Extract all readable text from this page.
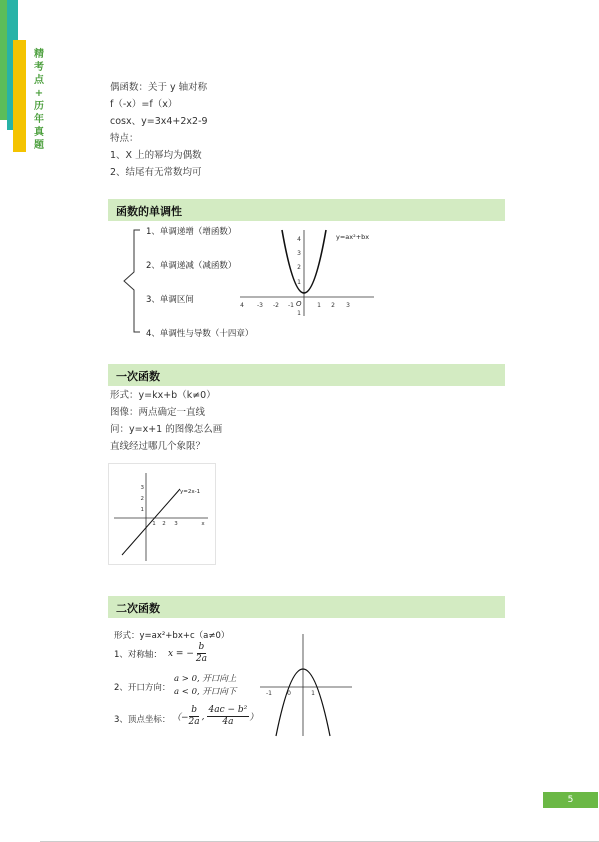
精
考
点
+
历
年
真
题
偶函数：关于 y 轴对称
f（-x）=f（x）
cosx、y=3x4+2x2-9
特点：
1、X 上的幂均为偶数
2、结尾有无常数均可
函数的单调性
y=ax²+bx
4 -3 -2 -1	1 2 3
4
3
2
1
1
O
1、单调递增（增函数）
2、单调递减（减函数）
3、单调区间
4、单调性与导数（十四章）
一次函数
形式：y=kx+b（k≠0）
图像：两点确定一直线
问：y=x+1 的图像怎么画
直线经过哪几个象限？
y=2x-1
1 2 3	x
3
2
1
二次函数
形式：y=ax²+bx+c（a≠0）
1、对称轴： x = − $\frac{b}{2a}$
2、开口方向：
a > 0, 开口向上
a < 0, 开口向下
3、顶点坐标： （− $\frac{b}{2a}$ ,
4ac − b²
4a ）
-1	0	1
5
